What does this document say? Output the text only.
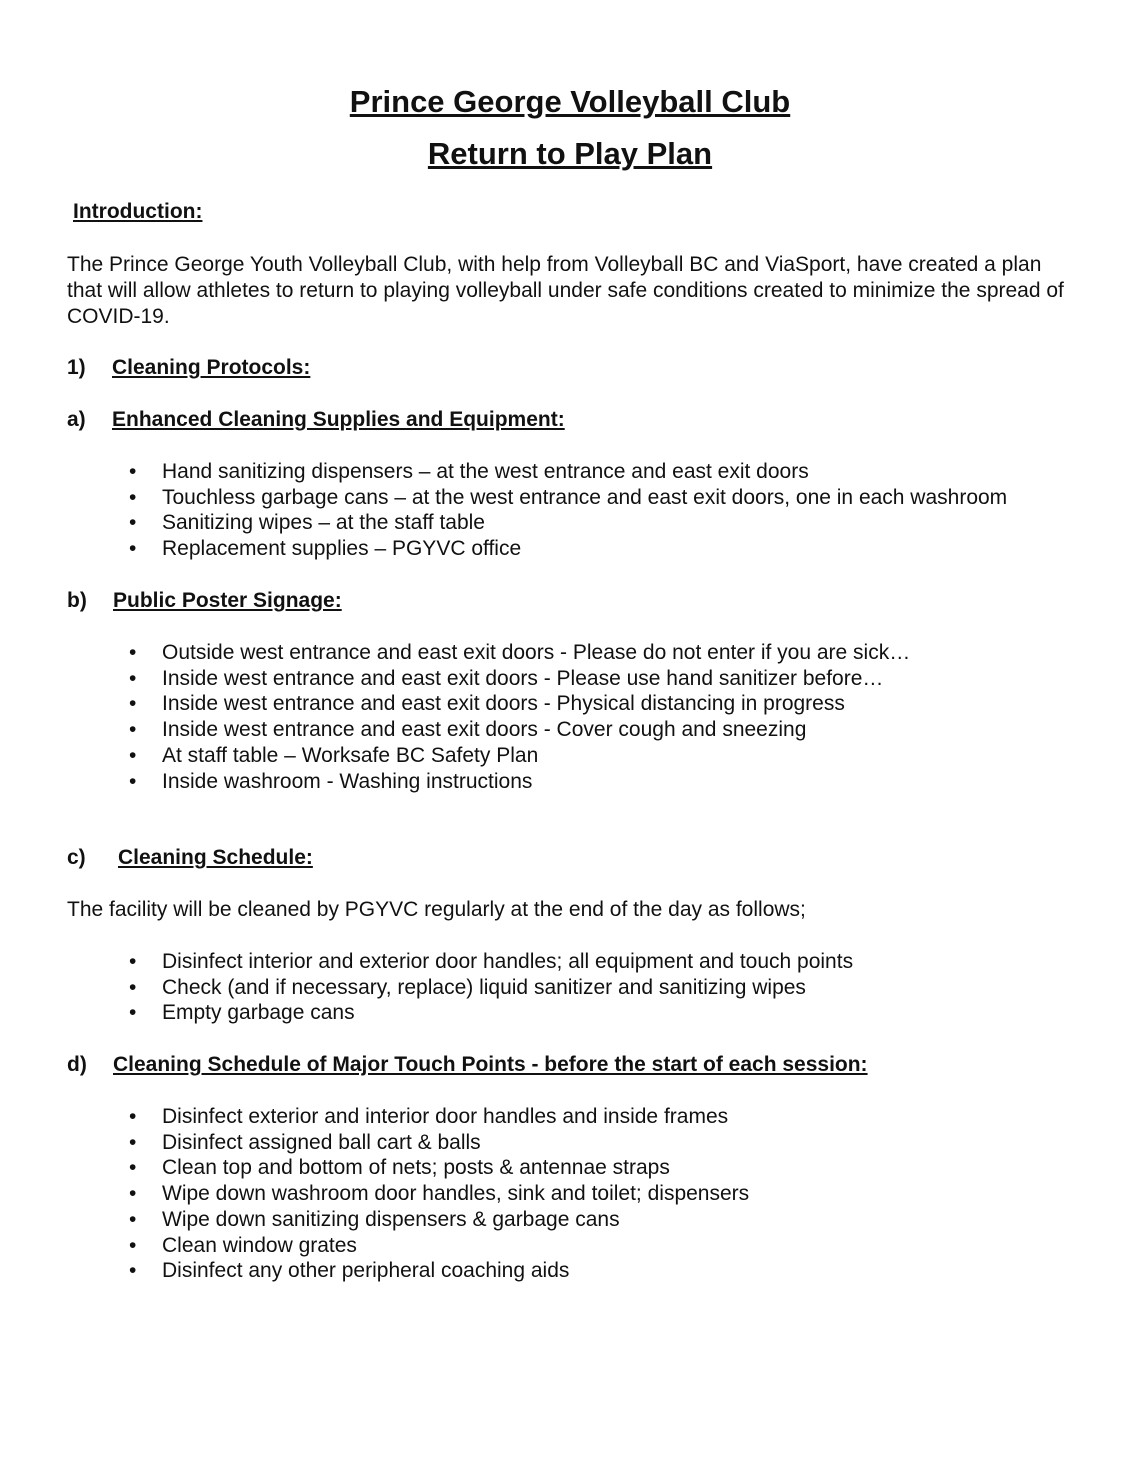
Prince George Volleyball Club
Return to Play Plan
Introduction:

The Prince George Youth Volleyball Club, with help from Volleyball BC and ViaSport, have created a plan that will allow athletes to return to playing volleyball under safe conditions created to minimize the spread of COVID-19.

1) Cleaning Protocols:
a) Enhanced Cleaning Supplies and Equipment:
• Hand sanitizing dispensers – at the west entrance and east exit doors
• Touchless garbage cans – at the west entrance and east exit doors, one in each washroom
• Sanitizing wipes – at the staff table
• Replacement supplies – PGYVC office
b) Public Poster Signage:
• Outside west entrance and east exit doors - Please do not enter if you are sick…
• Inside west entrance and east exit doors - Please use hand sanitizer before…
• Inside west entrance and east exit doors - Physical distancing in progress
• Inside west entrance and east exit doors - Cover cough and sneezing
• At staff table – Worksafe BC Safety Plan
• Inside washroom - Washing instructions
c) Cleaning Schedule:

The facility will be cleaned by PGYVC regularly at the end of the day as follows;

• Disinfect interior and exterior door handles; all equipment and touch points
• Check (and if necessary, replace) liquid sanitizer and sanitizing wipes
• Empty garbage cans
d) Cleaning Schedule of Major Touch Points - before the start of each session:
• Disinfect exterior and interior door handles and inside frames
• Disinfect assigned ball cart & balls
• Clean top and bottom of nets; posts & antennae straps
• Wipe down washroom door handles, sink and toilet; dispensers
• Wipe down sanitizing dispensers & garbage cans
• Clean window grates
• Disinfect any other peripheral coaching aids
